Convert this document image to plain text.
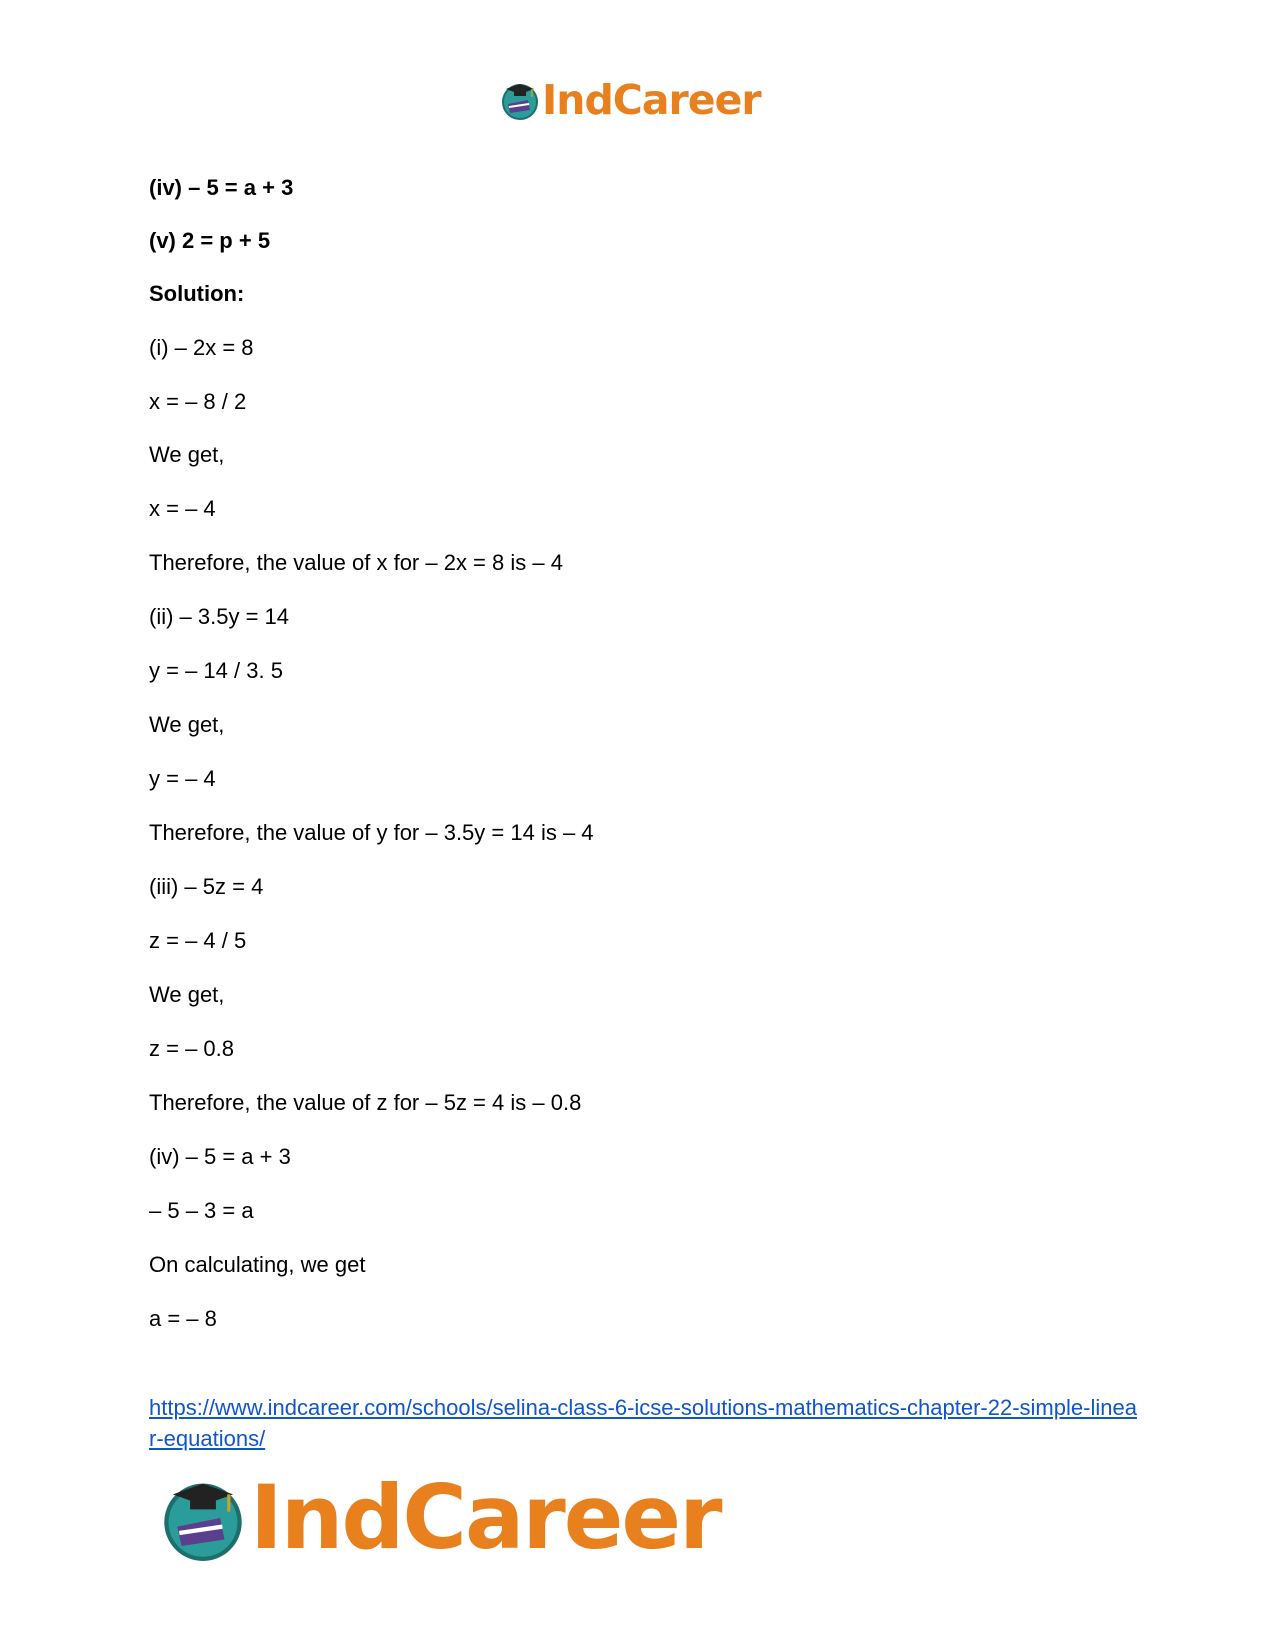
IndCareer
(iv) – 5 = a + 3
(v) 2 = p + 5
Solution:
(i) – 2x = 8
x = – 8 / 2
We get,
x = – 4
Therefore, the value of x for – 2x = 8 is – 4
(ii) – 3.5y = 14
y = – 14 / 3. 5
We get,
y = – 4
Therefore, the value of y for – 3.5y = 14 is – 4
(iii) – 5z = 4
z = – 4 / 5
We get,
z = – 0.8
Therefore, the value of z for – 5z = 4 is – 0.8
(iv) – 5 = a + 3
– 5 – 3 = a
On calculating, we get
a = – 8
https://www.indcareer.com/schools/selina-class-6-icse-solutions-mathematics-chapter-22-simple-linear-equations/
IndCareer
